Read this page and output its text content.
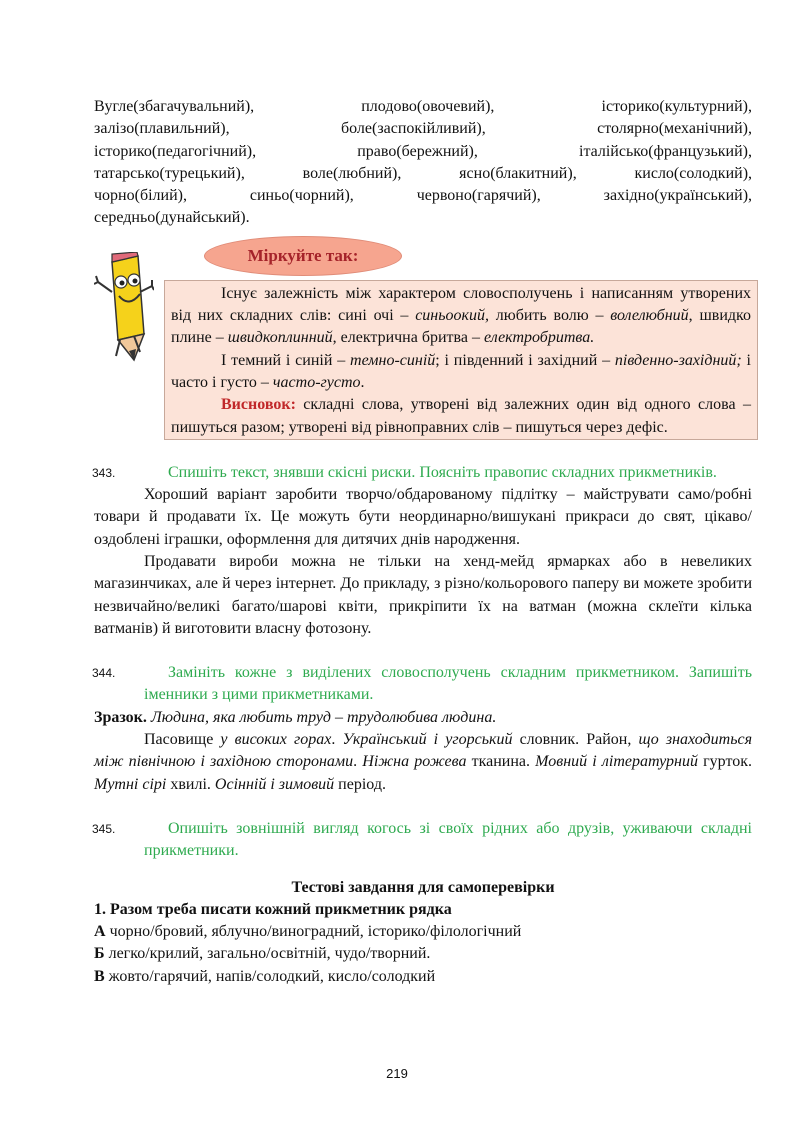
Вугле(збагачувальний),	плодово(овочевий),	історико(культурний),
залізо(плавильний),	боле(заспокійливий),	столярно(механічний),
історико(педагогічний),	право(бережний),	італійсько(французький),
татарсько(турецький),	воле(любний),	ясно(блакитний),	кисло(солодкий),
чорно(білий),	синьо(чорний),	червоно(гарячий),	західно(український),
середньо(дунайський).
Міркуйте так:
Існує залежність між характером словосполучень і написанням утворених від них складних слів: сині очі – синьоокий, любить волю – волелюбний, швидко плине – швидкоплинний, електрична бритва – електробритва.
І темний і синій – темно-синій; і південний і західний – південно-західний; і часто і густо – часто-густо.
Висновок: складні слова, утворені від залежних один від одного слова – пишуться разом; утворені від рівноправних слів – пишуться через дефіс.
343.	Спишіть текст, знявши скісні риски. Поясніть правопис складних прикметників.
Хороший варіант заробити творчо/обдарованому підлітку – майструвати само/робні товари й продавати їх. Це можуть бути неординарно/вишукані прикраси до свят, цікаво/оздоблені іграшки, оформлення для дитячих днів народження.
Продавати вироби можна не тільки на хенд-мейд ярмарках або в невеликих магазинчиках, але й через інтернет. До прикладу, з різно/кольорового паперу ви можете зробити незвичайно/великі багато/шарові квіти, прикріпити їх на ватман (можна склеїти кілька ватманів) й виготовити власну фотозону.
344.	Замініть кожне з виділених словосполучень складним прикметником. Запишіть іменники з цими прикметниками.
Зразок. Людина, яка любить труд – трудолюбива людина.
Пасовище у високих горах. Український і угорський словник. Район, що знаходиться між північною і західною сторонами. Ніжна рожева тканина. Мовний і літературний гурток. Мутні сірі хвилі. Осінній і зимовий період.
345.	Опишіть зовнішній вигляд когось зі своїх рідних або друзів, уживаючи складні прикметники.
Тестові завдання для самоперевірки
1. Разом треба писати кожний прикметник рядка
А чорно/бровий, яблучно/виноградний, історико/філологічний
Б легко/крилий, загально/освітній, чудо/творний.
В жовто/гарячий, напів/солодкий, кисло/солодкий
219
